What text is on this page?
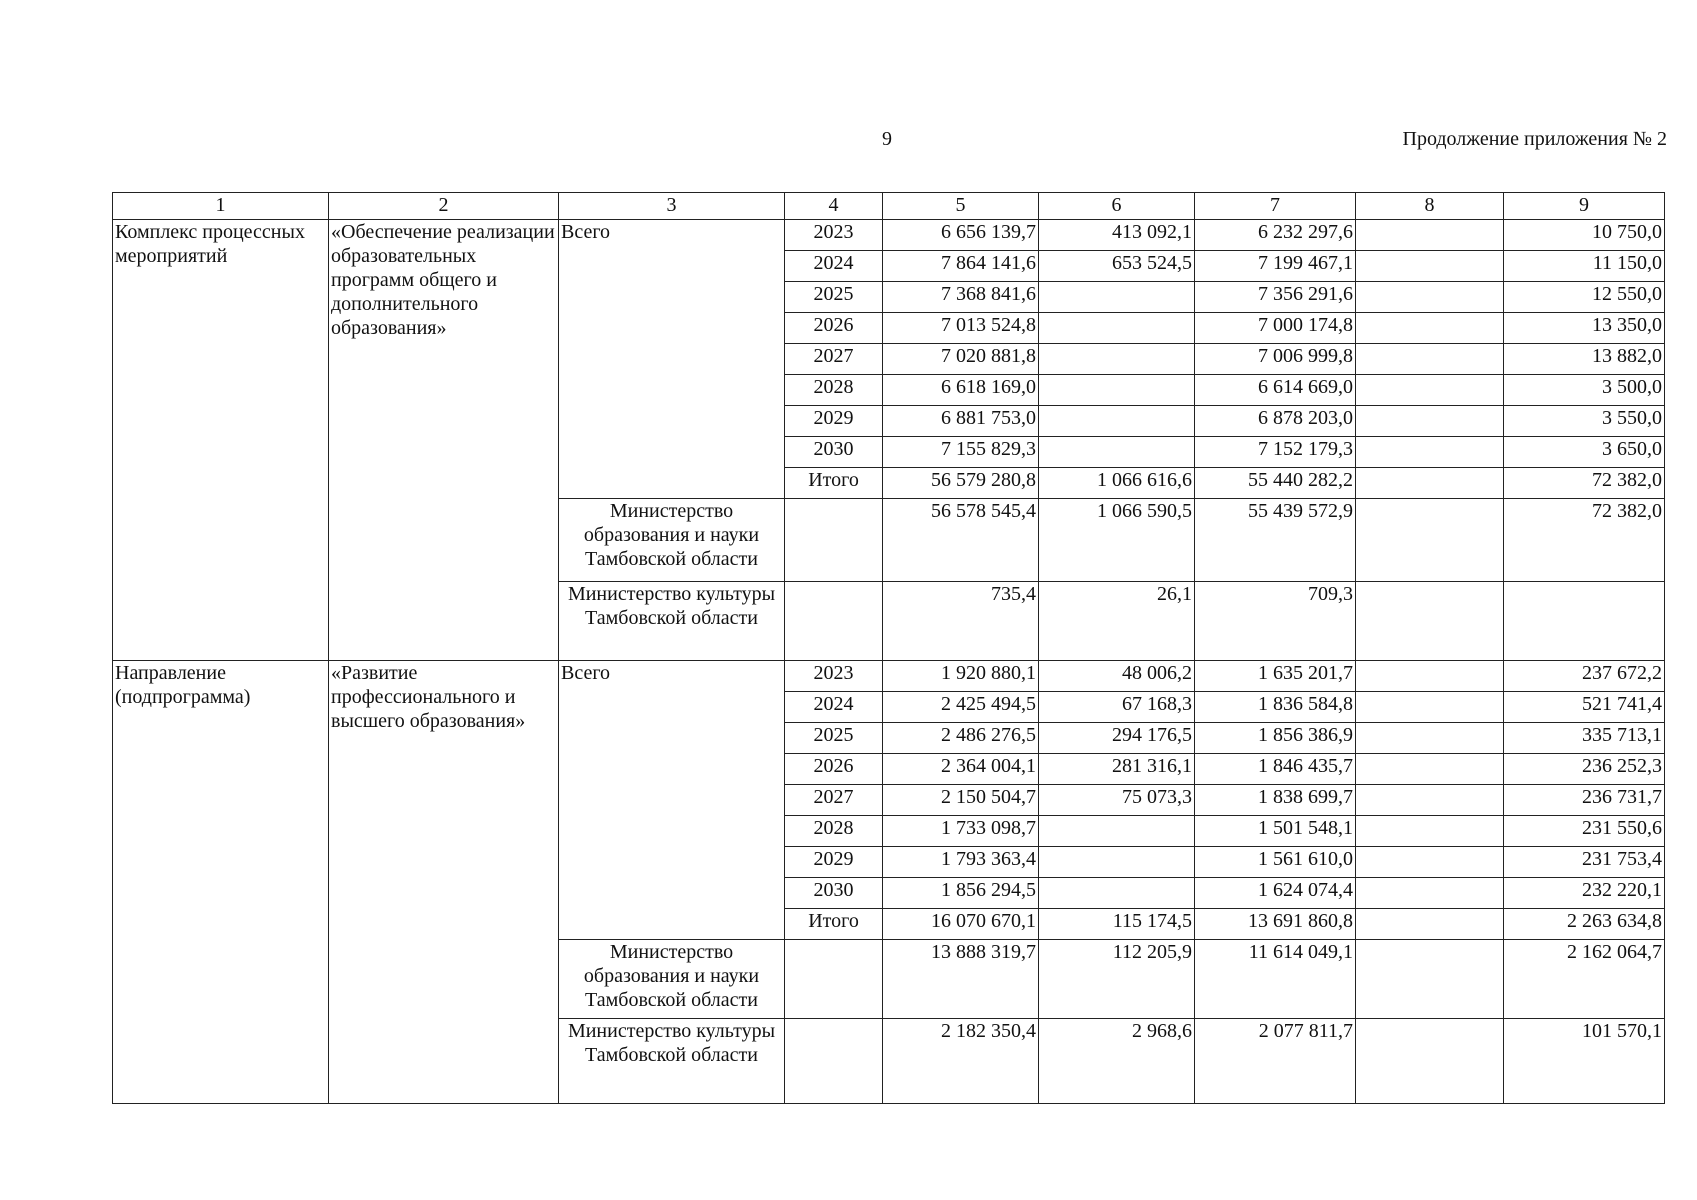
9	Продолжение приложения № 2
1	2	3	4	5	6	7	8	9
Комплекс процессных мероприятий	«Обеспечение реализации образовательных программ общего и дополнительного образования»	Всего	2023	6 656 139,7	413 092,1	6 232 297,6		10 750,0
			2024	7 864 141,6	653 524,5	7 199 467,1		11 150,0
			2025	7 368 841,6		7 356 291,6		12 550,0
			2026	7 013 524,8		7 000 174,8		13 350,0
			2027	7 020 881,8		7 006 999,8		13 882,0
			2028	6 618 169,0		6 614 669,0		3 500,0
			2029	6 881 753,0		6 878 203,0		3 550,0
			2030	7 155 829,3		7 152 179,3		3 650,0
			Итого	56 579 280,8	1 066 616,6	55 440 282,2		72 382,0
		Министерство образования и науки Тамбовской области		56 578 545,4	1 066 590,5	55 439 572,9		72 382,0
		Министерство культуры Тамбовской области		735,4	26,1	709,3		
Направление (подпрограмма)	«Развитие профессионального и высшего образования»	Всего	2023	1 920 880,1	48 006,2	1 635 201,7		237 672,2
			2024	2 425 494,5	67 168,3	1 836 584,8		521 741,4
			2025	2 486 276,5	294 176,5	1 856 386,9		335 713,1
			2026	2 364 004,1	281 316,1	1 846 435,7		236 252,3
			2027	2 150 504,7	75 073,3	1 838 699,7		236 731,7
			2028	1 733 098,7		1 501 548,1		231 550,6
			2029	1 793 363,4		1 561 610,0		231 753,4
			2030	1 856 294,5		1 624 074,4		232 220,1
			Итого	16 070 670,1	115 174,5	13 691 860,8		2 263 634,8
		Министерство образования и науки Тамбовской области		13 888 319,7	112 205,9	11 614 049,1		2 162 064,7
		Министерство культуры Тамбовской области		2 182 350,4	2 968,6	2 077 811,7		101 570,1
